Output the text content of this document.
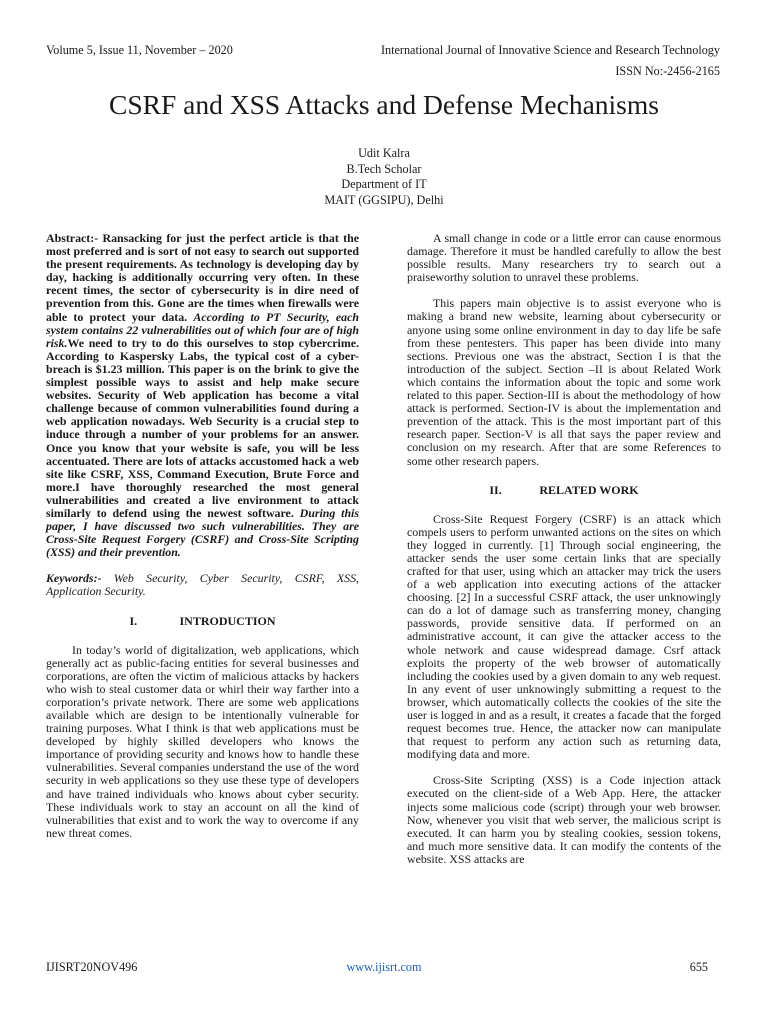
Volume 5, Issue 11, November – 2020	International Journal of Innovative Science and Research Technology
ISSN No:-2456-2165
CSRF and XSS Attacks and Defense Mechanisms
Udit Kalra
B.Tech Scholar
Department of IT
MAIT (GGSIPU), Delhi

Abstract:- Ransacking for just the perfect article is that the most preferred and is sort of not easy to search out supported the present requirements. As technology is developing day by day, hacking is additionally occurring very often. In these recent times, the sector of cybersecurity is in dire need of prevention from this. Gone are the times when firewalls were able to protect your data. According to PT Security, each system contains 22 vulnerabilities out of which four are of high risk.We need to try to do this ourselves to stop cybercrime. According to Kaspersky Labs, the typical cost of a cyber-breach is $1.23 million. This paper is on the brink to give the simplest possible ways to assist and help make secure websites. Security of Web application has become a vital challenge because of common vulnerabilities found during a web application nowadays. Web Security is a crucial step to induce through a number of your problems for an answer. Once you know that your website is safe, you will be less accentuated. There are lots of attacks accustomed hack a web site like CSRF, XSS, Command Execution, Brute Force and more.I have thoroughly researched the most general vulnerabilities and created a live environment to attack similarly to defend using the newest software. During this paper, I have discussed two such vulnerabilities. They are Cross-Site Request Forgery (CSRF) and Cross-Site Scripting (XSS) and their prevention.

Keywords:- Web Security, Cyber Security, CSRF, XSS, Application Security.

I.	INTRODUCTION

In today’s world of digitalization, web applications, which generally act as public-facing entities for several businesses and corporations, are often the victim of malicious attacks by hackers who wish to steal customer data or whirl their way farther into a corporation’s private network. There are some web applications available which are design to be intentionally vulnerable for training purposes. What I think is that web applications must be developed by highly skilled developers who knows the importance of providing security and knows how to handle these vulnerabilities. Several companies understand the use of the word security in web applications so they use these type of developers and have trained individuals who knows about cyber security. These individuals work to stay an account on all the kind of vulnerabilities that exist and to work the way to overcome if any new threat comes.

A small change in code or a little error can cause enormous damage. Therefore it must be handled carefully to allow the best possible results. Many researchers try to search out a praiseworthy solution to unravel these problems.

This papers main objective is to assist everyone who is making a brand new website, learning about cybersecurity or anyone using some online environment in day to day life be safe from these pentesters. This paper has been divide into many sections. Previous one was the abstract, Section I is that the introduction of the subject. Section –II is about Related Work which contains the information about the topic and some work related to this paper. Section-III is about the methodology of how attack is performed. Section-IV is about the implementation and prevention of the attack. This is the most important part of this research paper. Section-V is all that says the paper review and conclusion on my research. After that are some References to some other research papers.

II.	RELATED WORK

Cross-Site Request Forgery (CSRF) is an attack which compels users to perform unwanted actions on the sites on which they logged in currently. [1] Through social engineering, the attacker sends the user some certain links that are specially crafted for that user, using which an attacker may trick the users of a web application into executing actions of the attacker choosing. [2] In a successful CSRF attack, the user unknowingly can do a lot of damage such as transferring money, changing passwords, provide sensitive data. If performed on an administrative account, it can give the attacker access to the whole network and cause widespread damage. Csrf attack exploits the property of the web browser of automatically including the cookies used by a given domain to any web request. In any event of user unknowingly submitting a request to the browser, which automatically collects the cookies of the site the user is logged in and as a result, it creates a facade that the forged request becomes true. Hence, the attacker now can manipulate that request to perform any action such as returning data, modifying data and more.

Cross-Site Scripting (XSS) is a Code injection attack executed on the client-side of a Web App. Here, the attacker injects some malicious code (script) through your web browser. Now, whenever you visit that web server, the malicious script is executed. It can harm you by stealing cookies, session tokens, and much more sensitive data. It can modify the contents of the website. XSS attacks are

IJISRT20NOV496	www.ijisrt.com	655
